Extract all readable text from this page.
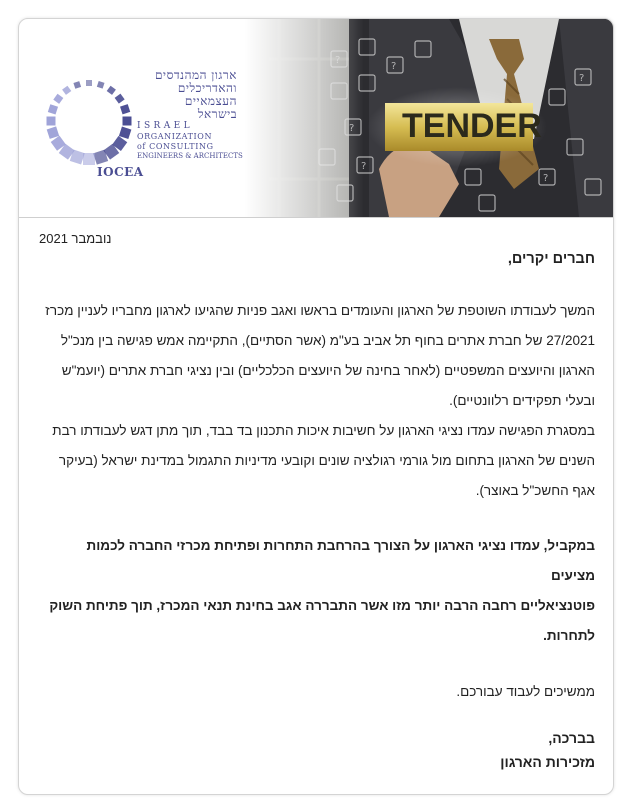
ארגון המהנדסים
והאדריכלים
העצמאיים
בישראל
ISRAEL
ORGANIZATION
of CONSULTING
ENGINEERS & ARCHITECTS
IOCEA
TENDER
נובמבר 2021

חברים יקרים,

המשך לעבודתו השוטפת של הארגון והעומדים בראשו ואגב פניות שהגיעו לארגון מחבריו לעניין מכרז
27/2021 של חברת אתרים בחוף תל אביב בע"מ (אשר הסתיים), התקיימה אמש פגישה בין מנכ"ל
הארגון והיועצים המשפטיים (לאחר בחינה של היועצים הכלכליים) ובין נציגי חברת אתרים (יועמ"ש
ובעלי תפקידים רלוונטיים).

במסגרת הפגישה עמדו נציגי הארגון על חשיבות איכות התכנון בד בבד, תוך מתן דגש לעבודתו רבת
השנים של הארגון בתחום מול גורמי רגולציה שונים וקובעי מדיניות התגמול במדינת ישראל (בעיקר
אגף החשכ"ל באוצר).

במקביל, עמדו נציגי הארגון על הצורך בהרחבת התחרות ופתיחת מכרזי החברה לכמות מציעים
פוטנציאליים רחבה הרבה יותר מזו אשר התבררה אגב בחינת תנאי המכרז, תוך פתיחת השוק
לתחרות.

ממשיכים לעבוד עבורכם.

בברכה,

מזכירות הארגון
